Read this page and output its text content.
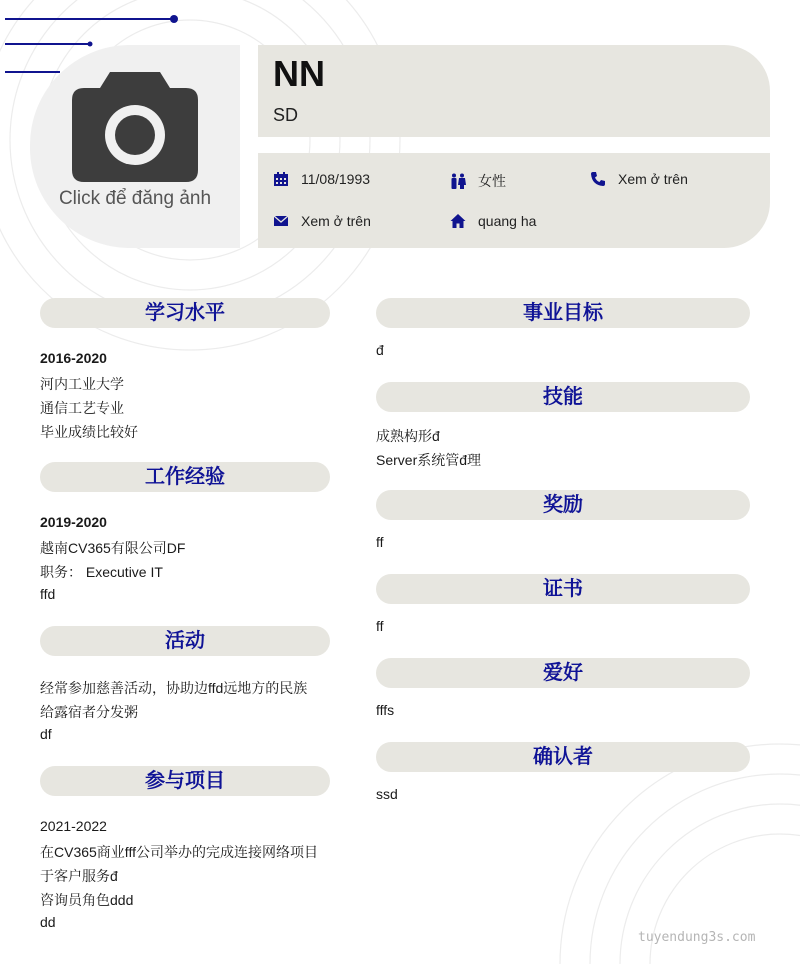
Click để đăng ảnh
NN
SD
11/08/1993	女性	Xem ở trên
Xem ở trên	quang ha
学习水平
2016-2020
河内工业大学
通信工艺专业
毕业成绩比较好
工作经验
2019-2020
越南CV365有限公司DF
职务： Executive IT
ffd
活动
经常参加慈善活动，协助边ffd远地方的民族
给露宿者分发粥
df
参与项目
2021-2022
在CV365商业fff公司举办的完成连接网络项目
于客户服务đ
咨询员角色ddd
dd
事业目标
đ
技能
成熟构形đ
Server系统管đ理
奖励
ff
证书
ff
爱好
fffs
确认者
ssd
tuyendung3s.com
